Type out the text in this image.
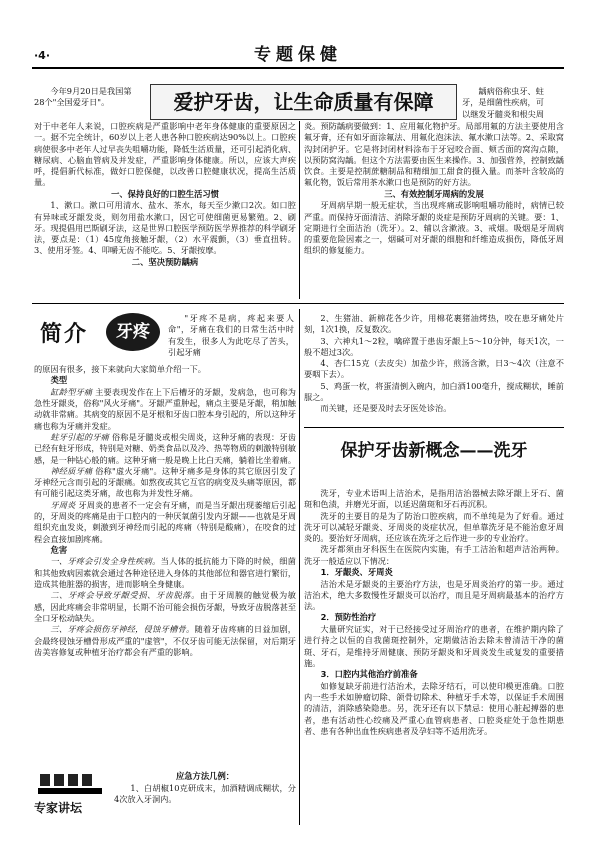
·4·	专题保健

今年9月20日是我国第

28个"全国爱牙日"。	爱护牙齿，让生命质量有保障	龋病俗称虫牙、蛀

牙，是细菌性疾病，可

以继发牙髓炎和根尖周

对于中老年人来说，口腔疾病是严重影响中老年身体健康的重要原因之一。据不完全统计，60岁以上老人患各种口腔疾病达90%以上。口腔疾病使很多中老年人过早丧失咀嚼功能，降低生活质量，还可引起消化病、糖尿病、心脑血管病及并发症，严重影响身体健康。所以，应该大声疾呼，提倡新代标准，做好口腔保健，以改善口腔健康状况，提高生活质量。

一、保持良好的口腔生活习惯

1、漱口。漱口可用清水、盐水、茶水，每天至少漱口2次。如口腔有异味或牙龈发炎，则勿用盐水漱口，因它可使细菌更易繁殖。2、刷牙。现提倡用巴斯刷牙法，这是世界口腔医学预防医学界推荐的科学刷牙法，要点是：（1）45度角接触牙龈，（2）水平震颤，（3）垂直扭转。3、使用牙签。4、叩嚼无齿不能吃。5、牙龈按摩。

二、坚决预防龋病

炎。预防龋病要做到：1、应用氟化物护牙。局部用氟的方法主要使用含氟牙膏，还有如牙面涂氟法、用氟化泡沫法、氟水漱口法等。2、采取窝沟封闭护牙。它是将封闭材料涂布于牙冠咬合面、颊舌面的窝沟点隙，以预防窝沟龋。但这个方法需要由医生来操作。3、加强营养，控制致龋饮食。主要是控制蔗糖制品和精细加工甜食的摄入量。而茶叶含较高的氟化物，饭后常用茶水漱口也是预防的好方法。

三、有效控制牙周病的发展

牙周病早期一般无症状，当出现疼痛或影响咀嚼功能时，病情已较严重。而保持牙面清洁、消除牙龈的炎症是预防牙周病的关键。要：1、定期进行全面洁治（洗牙）。2、辅以含漱液。3、戒烟。吸烟是牙周病的重要危险因素之一，烟碱可对牙龈的细胞和纤维造成损伤，降低牙周组织的修复能力。

简介	牙疼
"牙疼不是病，疼起来要人命"，牙痛在我们的日常生活中时有发生，很多人为此吃尽了苦头，引起牙痛

的原因有很多，接下来就向大家简单介绍一下。

类型

缸龄型牙痛 主要表现发作在上下后槽牙的牙龈，发病急，也可称为急性牙龈炎，俗称"风火牙痛"。牙龈严重肿起，痛点主要是牙龈，稍加触动就非常痛。其病变的原因不是牙根和牙齿口腔本身引起的，所以这种牙痛也称为牙痛并发症。

蛀牙引起的牙痛 俗称是牙髓炎或根尖周炎，这种牙痛的表现：牙齿已经有蛀牙形成，特别是对糖、奶类食品以及冷、热等物质的刺激特别敏感，是一种钻心般的痛。这种牙痛一般是晚上比白天痛，躺着比坐着痛。

神经质牙痛 俗称"虚火牙痛"。这种牙痛多是身体的其它原因引发了牙神经元含而引起的牙龈痛。如熬夜或其它互官的病变及头痛等原因，都有可能引起这类牙痛，故也称为并发性牙痛。

牙周炎 牙周炎的患者不一定会有牙痛，而是当牙龈出现萎缩后引起的，牙周炎的疼痛是由于口腔内的一种厌氧菌引发内牙龈——也就是牙周组织充血发炎，刺激到牙神经而引起的疼痛（特别是酸痛），在咬食的过程会直接加剧疼痛。

危害

一、牙疼会引发全身性疾病。当人体的抵抗能力下降的时候，细菌和其他致病因素就会通过各种途径进入身体的其他部位和器官进行繁衍，造成其他脏器的损害，进而影响全身健康。

二、牙疼会导致牙龈受损、牙齿脱落。由于牙周膜的触觉极为敏感，因此疼痛会非常明显，长期不治可能会损伤牙龈，导致牙齿脱落甚至全口牙松动缺失。

三、牙疼会损伤牙神经，侵蚀牙槽骨。随着牙齿疼痛的日益加剧，会最终侵蚀牙槽骨形成严重的"虚管"，不仅牙齿可能无法保留，对后期牙齿美容修复或种植牙治疗都会有严重的影响。

专家讲坛
应急方法几例：

1、白胡椒10克研成末，加酒精调成糊状，分4次放入牙洞内。

2、生猪油、新棉花各少许，用棉花裹猪油烤热，咬在患牙痛处片刻，1次1换，反复数次。

3、六神丸1～2粒，噙碎置于患齿牙龈上5～10分钟，每天1次，一般不超过3次。

4、杏仁15克（去皮尖）加盐少许，煎汤含漱，日3～4次（注意不要咽下去）。

5、鸡蛋一枚，将蛋清倒入碗内，加白酒100毫升，搅成糊状，睡前服之。

而关键，还是要及时去牙医处诊治。

保护牙齿新概念——洗牙

洗牙，专业术语叫上洁治术，是指用洁治器械去除牙龈上牙石、菌斑和色渍，并磨光牙面，以延迟菌斑和牙石再沉积。

洗牙的主要目的是为了防治口腔疾病，而不单纯是为了好看。通过洗牙可以减轻牙龈炎、牙周炎的炎症状况，但单靠洗牙是不能治愈牙周炎的。要治好牙周病，还应该在洗牙之后作进一步的专业治疗。

洗牙都须由牙科医生在医院内实施，有手工洁治和超声洁治两种。洗牙一般适应以下情况：

1．牙龈炎、牙周炎

洁治术是牙龈炎的主要治疗方法，也是牙周炎治疗的第一步。通过洁治术，绝大多数慢性牙龈炎可以治疗，而且是牙周病最基本的治疗方法。

2．预防性治疗

大量研究证实，对于已经接受过牙周治疗的患者，在维护期内除了进行持之以恒的自我菌斑控制外，定期做洁治去除未曾清洁干净的菌斑、牙石，是维持牙周健康、预防牙龈炎和牙周炎发生或复发的重要措施。

3．口腔内其他治疗前准备

如修复缺牙前进行洁治术，去除牙结石，可以使印模更准确。口腔内一些手术如肿瘤切除、颌骨切除术、种植牙手术等，以保证手术周围的清洁，消除感染隐患。另，洗牙还有以下禁忌：使用心脏起搏器的患者，患有活动性心绞痛及严重心血管病患者、口腔炎症处于急性期患者、患有各种出血性疾病患者及孕妇等不适用洗牙。
